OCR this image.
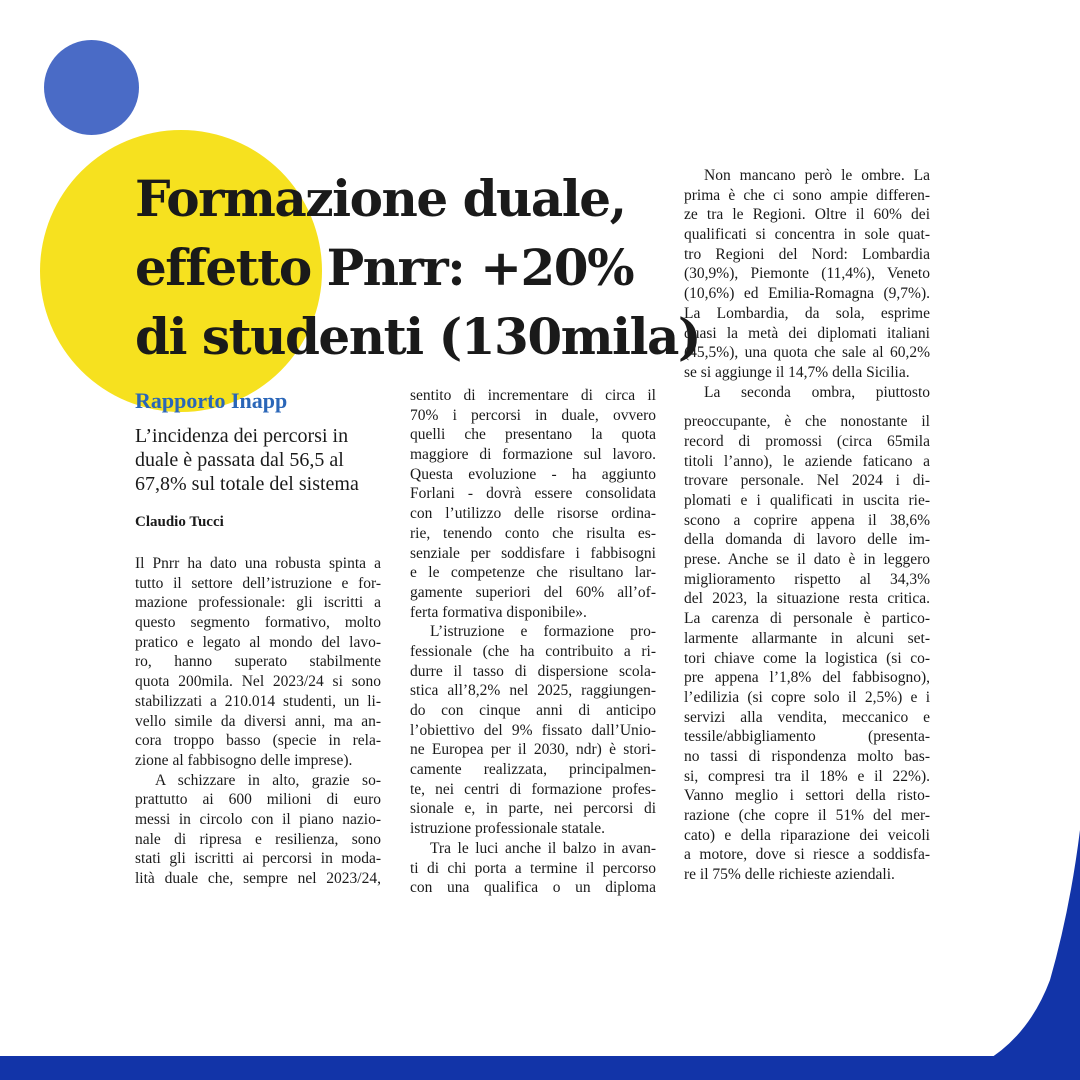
Formazione duale,
effetto Pnrr: +20%
di studenti (130mila)
Rapporto Inapp
L’incidenza dei percorsi in
duale è passata dal 56,5 al
67,8% sul totale del sistema
Claudio Tucci
Il Pnrr ha dato una robusta spinta a
tutto il settore dell’istruzione e for-
mazione professionale: gli iscritti a
questo segmento formativo, molto
pratico e legato al mondo del lavo-
ro, hanno superato stabilmente
quota 200mila. Nel 2023/24 si sono
stabilizzati a 210.014 studenti, un li-
vello simile da diversi anni, ma an-
cora troppo basso (specie in rela-
zione al fabbisogno delle imprese).
A schizzare in alto, grazie so-
prattutto ai 600 milioni di euro
messi in circolo con il piano nazio-
nale di ripresa e resilienza, sono
stati gli iscritti ai percorsi in moda-
lità duale che, sempre nel 2023/24,
sentito di incrementare di circa il
70% i percorsi in duale, ovvero
quelli che presentano la quota
maggiore di formazione sul lavoro.
Questa evoluzione - ha aggiunto
Forlani - dovrà essere consolidata
con l’utilizzo delle risorse ordina-
rie, tenendo conto che risulta es-
senziale per soddisfare i fabbisogni
e le competenze che risultano lar-
gamente superiori del 60% all’of-
ferta formativa disponibile».
L’istruzione e formazione pro-
fessionale (che ha contribuito a ri-
durre il tasso di dispersione scola-
stica all’8,2% nel 2025, raggiungen-
do con cinque anni di anticipo
l’obiettivo del 9% fissato dall’Unio-
ne Europea per il 2030, ndr) è stori-
camente realizzata, principalmen-
te, nei centri di formazione profes-
sionale e, in parte, nei percorsi di
istruzione professionale statale.
Tra le luci anche il balzo in avan-
ti di chi porta a termine il percorso
con una qualifica o un diploma
Non mancano però le ombre. La
prima è che ci sono ampie differen-
ze tra le Regioni. Oltre il 60% dei
qualificati si concentra in sole quat-
tro Regioni del Nord: Lombardia
(30,9%), Piemonte (11,4%), Veneto
(10,6%) ed Emilia-Romagna (9,7%).
La Lombardia, da sola, esprime
quasi la metà dei diplomati italiani
(45,5%), una quota che sale al 60,2%
se si aggiunge il 14,7% della Sicilia.
La seconda ombra, piuttosto
preoccupante, è che nonostante il
record di promossi (circa 65mila
titoli l’anno), le aziende faticano a
trovare personale. Nel 2024 i di-
plomati e i qualificati in uscita rie-
scono a coprire appena il 38,6%
della domanda di lavoro delle im-
prese. Anche se il dato è in leggero
miglioramento rispetto al 34,3%
del 2023, la situazione resta critica.
La carenza di personale è partico-
larmente allarmante in alcuni set-
tori chiave come la logistica (si co-
pre appena l’1,8% del fabbisogno),
l’edilizia (si copre solo il 2,5%) e i
servizi alla vendita, meccanico e
tessile/abbigliamento (presenta-
no tassi di rispondenza molto bas-
si, compresi tra il 18% e il 22%).
Vanno meglio i settori della risto-
razione (che copre il 51% del mer-
cato) e della riparazione dei veicoli
a motore, dove si riesce a soddisfa-
re il 75% delle richieste aziendali.
